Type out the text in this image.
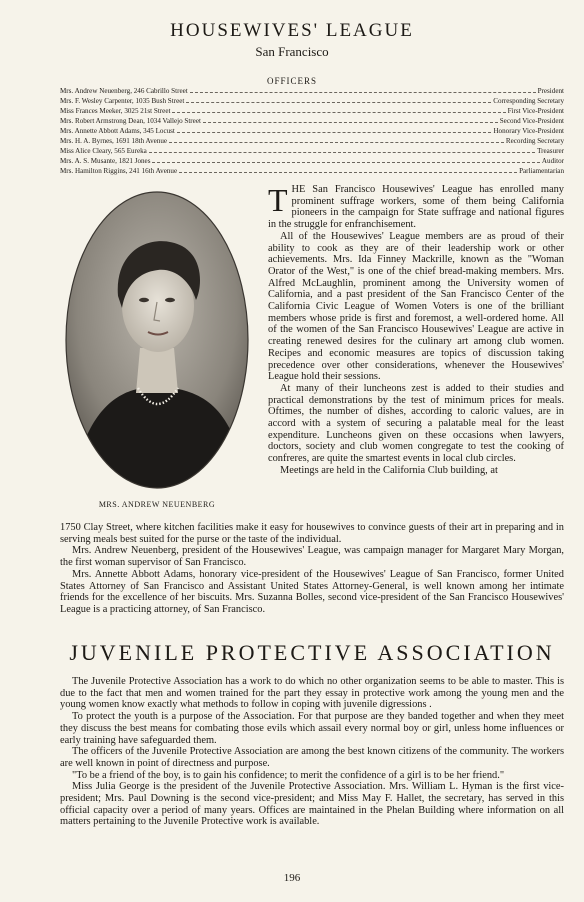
HOUSEWIVES' LEAGUE
San Francisco
OFFICERS
Mrs. Andrew Neuenberg, 246 Cabrillo Street	President
Mrs. F. Wesley Carpenter, 1035 Bush Street	Corresponding Secretary
Miss Frances Meeker, 3025 21st Street	First Vice-President
Mrs. Robert Armstrong Dean, 1034 Vallejo Street	Second Vice-President
Mrs. Annette Abbott Adams, 345 Locust	Honorary Vice-President
Mrs. H. A. Byrnes, 1691 18th Avenue	Recording Secretary
Miss Alice Cleary, 565 Eureka	Treasurer
Mrs. A. S. Musante, 1821 Jones	Auditor
Mrs. Hamilton Riggins, 241 16th Avenue	Parliamentarian
MRS. ANDREW NEUENBERG

THE San Francisco Housewives' League has enrolled many prominent suffrage workers, some of them being California pioneers in the campaign for State suffrage and national figures in the struggle for enfranchisement.

All of the Housewives' League members are as proud of their ability to cook as they are of their leadership work or other achievements. Mrs. Ida Finney Mackrille, known as the "Woman Orator of the West," is one of the chief bread-making members. Mrs. Alfred McLaughlin, prominent among the University women of California, and a past president of the San Francisco Center of the California Civic League of Women Voters is one of the brilliant members whose pride is first and foremost, a well-ordered home. All of the women of the San Francisco Housewives' League are active in creating renewed desires for the culinary art among club women. Recipes and economic measures are topics of discussion taking precedence over other considerations, whenever the Housewives' League hold their sessions.

At many of their luncheons zest is added to their studies and practical demonstrations by the test of minimum prices for meals. Oftimes, the number of dishes, according to caloric values, are in accord with a system of securing a palatable meal for the least expenditure. Luncheons given on these occasions when lawyers, doctors, society and club women congregate to test the cooking of confreres, are quite the smartest events in local club circles.

Meetings are held in the California Club building, at

1750 Clay Street, where kitchen facilities make it easy for housewives to convince guests of their art in preparing and in serving meals best suited for the purse or the taste of the individual.

Mrs. Andrew Neuenberg, president of the Housewives' League, was campaign manager for Margaret Mary Morgan, the first woman supervisor of San Francisco.

Mrs. Annette Abbott Adams, honorary vice-president of the Housewives' League of San Francisco, former United States Attorney of San Francisco and Assistant United States Attorney-General, is well known among her intimate friends for the excellence of her biscuits. Mrs. Suzanna Bolles, second vice-president of the San Francisco Housewives' League is a practicing attorney, of San Francisco.

JUVENILE PROTECTIVE ASSOCIATION

The Juvenile Protective Association has a work to do which no other organization seems to be able to master. This is due to the fact that men and women trained for the part they essay in protective work among the young men and the young women know exactly what methods to follow in coping with juvenile digressions .

To protect the youth is a purpose of the Association. For that purpose are they banded together and when they meet they discuss the best means for combating those evils which assail every normal boy or girl, unless home influences or early training have safeguarded them.

The officers of the Juvenile Protective Association are among the best known citizens of the community. The workers are well known in point of directness and purpose.

"To be a friend of the boy, is to gain his confidence; to merit the confidence of a girl is to be her friend."

Miss Julia George is the president of the Juvenile Protective Association. Mrs. William L. Hyman is the first vice-president; Mrs. Paul Downing is the second vice-president; and Miss May F. Hallet, the secretary, has served in this official capacity over a period of many years. Offices are maintained in the Phelan Building where information on all matters pertaining to the Juvenile Protective work is available.

196
